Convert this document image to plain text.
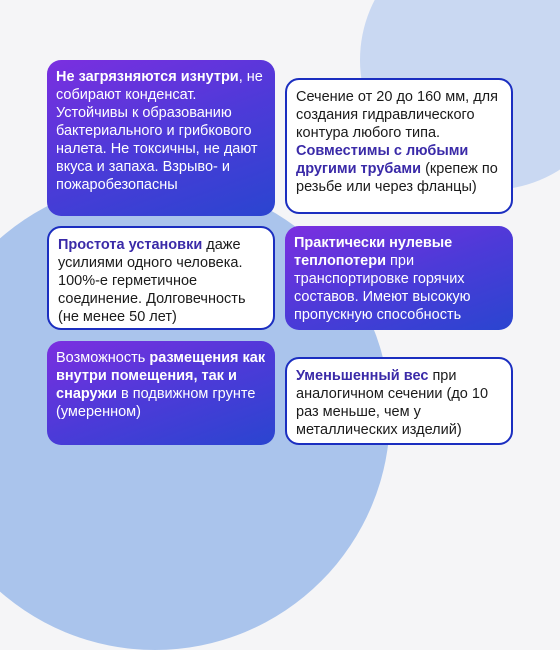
Не загрязняются изнутри, не собирают конденсат. Устойчивы к образованию бактериального и грибкового налета. Не токсичны, не дают вкуса и запаха. Взрыво- и пожаробезопасны
Сечение от 20 до 160 мм, для создания гидравлического контура любого типа. Совместимы с любыми другими трубами (крепеж по резьбе или через фланцы)
Простота установки даже усилиями одного человека. 100%-е герметичное соединение. Долговечность (не менее 50 лет)
Практически нулевые теплопотери при транспортировке горячих составов. Имеют высокую пропускную способность
Возможность размещения как внутри помещения, так и снаружи в подвижном грунте (умеренном)
Уменьшенный вес при аналогичном сечении (до 10 раз меньше, чем у металлических изделий)
